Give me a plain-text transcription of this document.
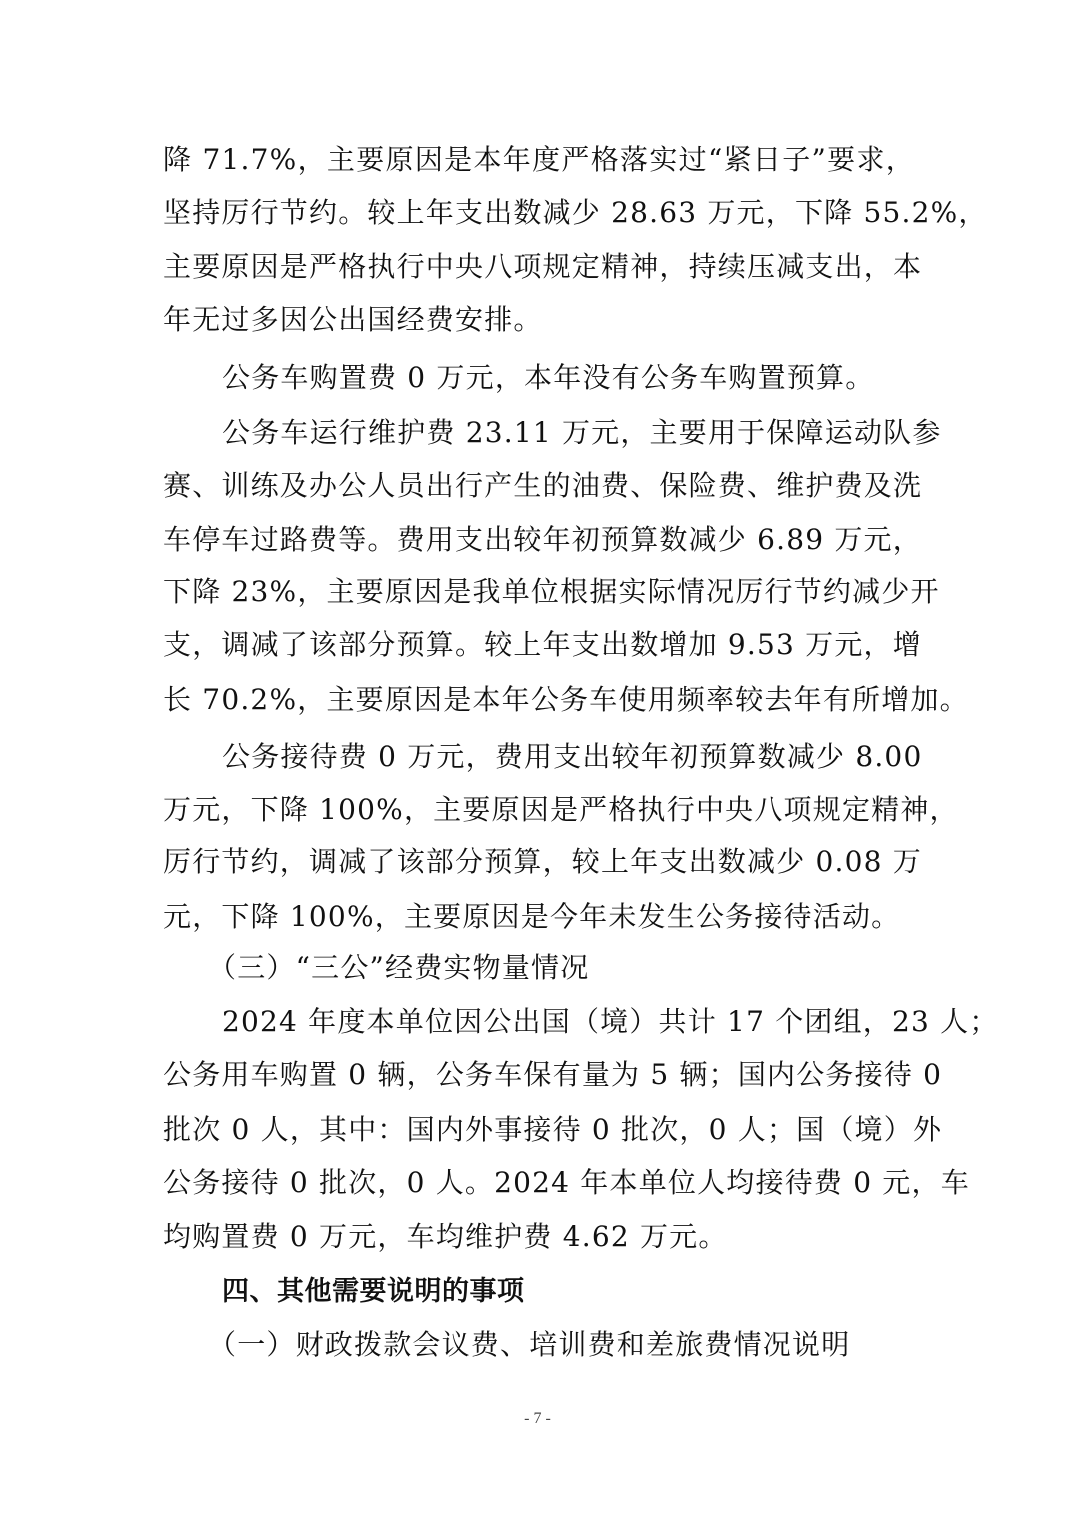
降 71.7%，主要原因是本年度严格落实过“紧日子”要求，
坚持厉行节约。较上年支出数减少 28.63 万元，下降 55.2%，
主要原因是严格执行中央八项规定精神，持续压减支出，本
年无过多因公出国经费安排。
公务车购置费 0 万元，本年没有公务车购置预算。
公务车运行维护费 23.11 万元，主要用于保障运动队参
赛、训练及办公人员出行产生的油费、保险费、维护费及洗
车停车过路费等。费用支出较年初预算数减少 6.89 万元，
下降 23%，主要原因是我单位根据实际情况厉行节约减少开
支，调减了该部分预算。较上年支出数增加 9.53 万元，增
长 70.2%，主要原因是本年公务车使用频率较去年有所增加。
公务接待费 0 万元，费用支出较年初预算数减少 8.00
万元，下降 100%，主要原因是严格执行中央八项规定精神，
厉行节约，调减了该部分预算，较上年支出数减少 0.08 万
元，下降 100%，主要原因是今年未发生公务接待活动。
（三）“三公”经费实物量情况
2024 年度本单位因公出国（境）共计 17 个团组，23 人；
公务用车购置 0 辆，公务车保有量为 5 辆；国内公务接待 0
批次 0 人，其中：国内外事接待 0 批次，0 人；国（境）外
公务接待 0 批次，0 人。2024 年本单位人均接待费 0 元，车
均购置费 0 万元，车均维护费 4.62 万元。
四、其他需要说明的事项
（一）财政拨款会议费、培训费和差旅费情况说明
- 7 -
